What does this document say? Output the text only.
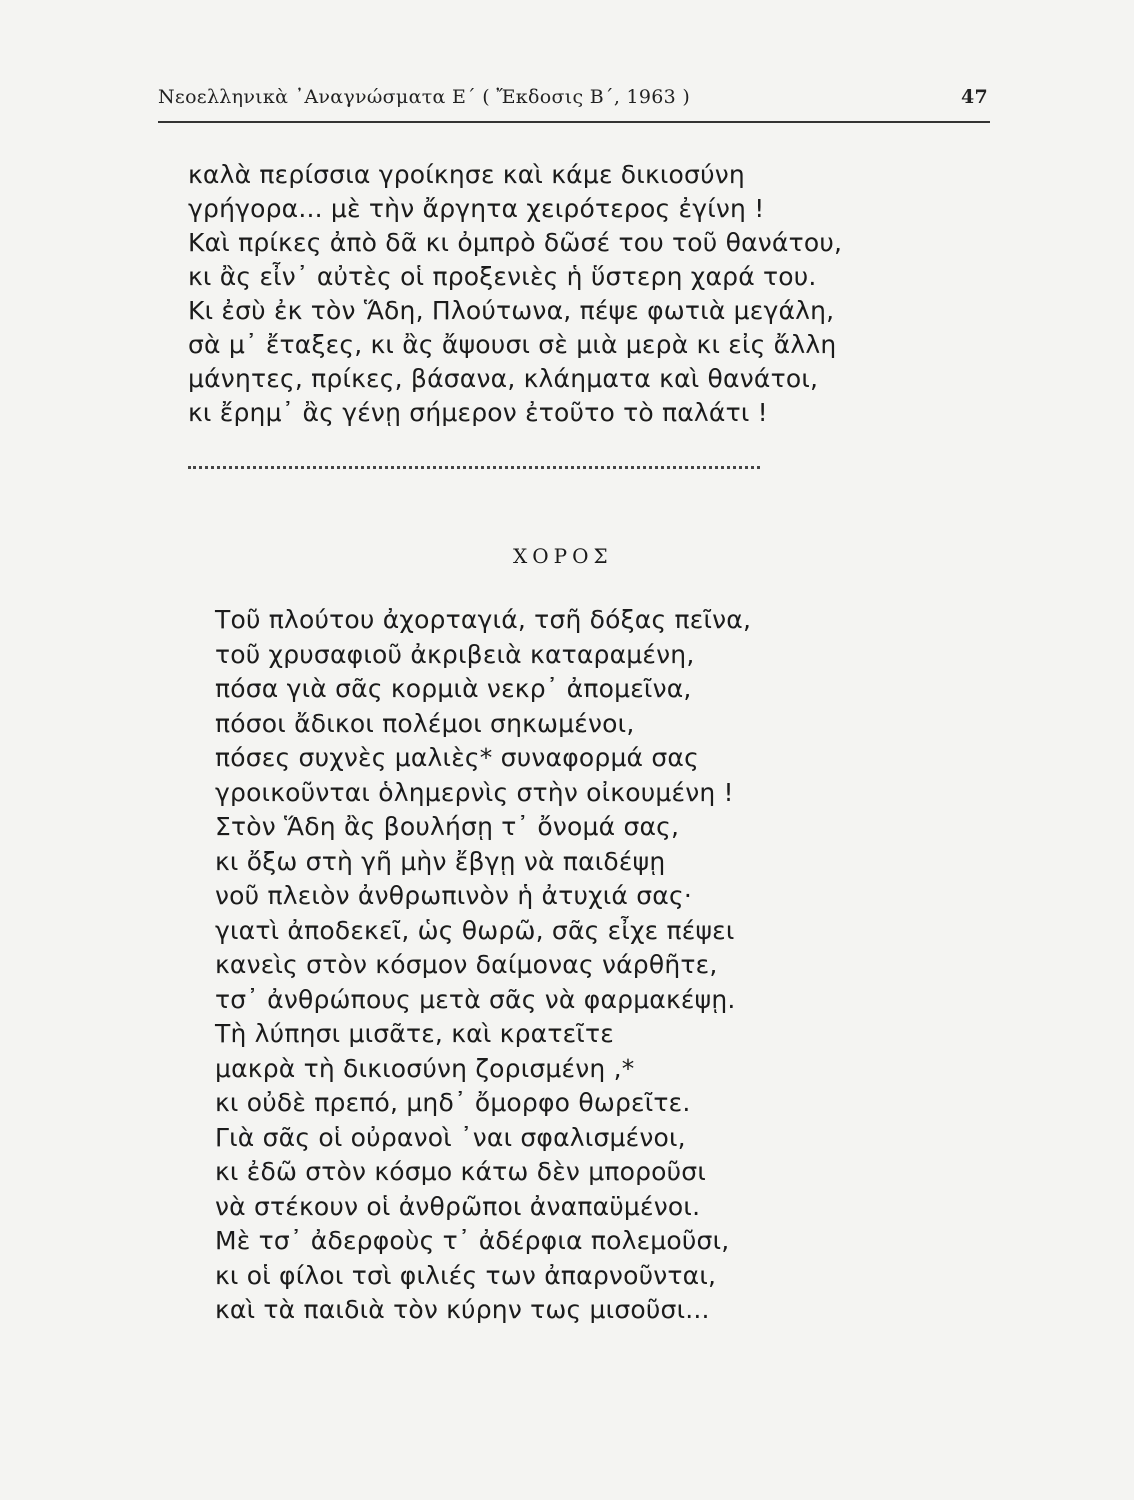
Νεοελληνικὰ ᾿Αναγνώσματα Ε΄ ( Ἔκδοσις Β΄, 1963 )	47
καλὰ περίσσια γροίκησε καὶ κάμε δικιοσύνη
γρήγορα... μὲ τὴν ἄργητα χειρότερος ἐγίνη !
Καὶ πρίκες ἀπὸ δᾶ κι ὀμπρὸ δῶσέ του τοῦ θανάτου,
κι ἂς εἶν᾿ αὐτὲς οἱ προξενιὲς ἡ ὕστερη χαρά του.
Κι ἐσὺ ἐκ τὸν Ἅδη, Πλούτωνα, πέψε φωτιὰ μεγάλη,
σὰ μ᾿ ἔταξες, κι ἂς ἄψουσι σὲ μιὰ μερὰ κι εἰς ἄλλη
μάνητες, πρίκες, βάσανα, κλάηματα καὶ θανάτοι,
κι ἔρημ᾿ ἂς γένῃ σήμερον ἐτοῦτο τὸ παλάτι !
ΧΟΡΟΣ
Τοῦ πλούτου ἀχορταγιά, τσῆ δόξας πεῖνα,
τοῦ χρυσαφιοῦ ἀκριβειὰ καταραμένη,
πόσα γιὰ σᾶς κορμιὰ νεκρ᾿ ἀπομεῖνα,
πόσοι ἄδικοι πολέμοι σηκωμένοι,
πόσες συχνὲς μαλιὲς* συναφορμά σας
γροικοῦνται ὁλημερνὶς στὴν οἰκουμένη !
Στὸν Ἅδη ἂς βουλήσῃ τ᾿ ὄνομά σας,
κι ὄξω στὴ γῆ μὴν ἔβγῃ νὰ παιδέψῃ
νοῦ πλειὸν ἀνθρωπινὸν ἡ ἀτυχιά σας·
γιατὶ ἀποδεκεῖ, ὡς θωρῶ, σᾶς εἶχε πέψει
κανεὶς στὸν κόσμον δαίμονας νάρθῆτε,
τσ᾿ ἀνθρώπους μετὰ σᾶς νὰ φαρμακέψῃ.
Τὴ λύπησι μισᾶτε, καὶ κρατεῖτε
μακρὰ τὴ δικιοσύνη ζορισμένη ,*
κι οὐδὲ πρεπό, μηδ᾿ ὄμορφο θωρεῖτε.
Γιὰ σᾶς οἱ οὐρανοὶ ᾿ναι σφαλισμένοι,
κι ἐδῶ στὸν κόσμο κάτω δὲν μποροῦσι
νὰ στέκουν οἱ ἀνθρῶποι ἀναπαϋμένοι.
Μὲ τσ᾿ ἀδερφοὺς τ᾿ ἀδέρφια πολεμοῦσι,
κι οἱ φίλοι τσὶ φιλιές των ἀπαρνοῦνται,
καὶ τὰ παιδιὰ τὸν κύρην τως μισοῦσι...
